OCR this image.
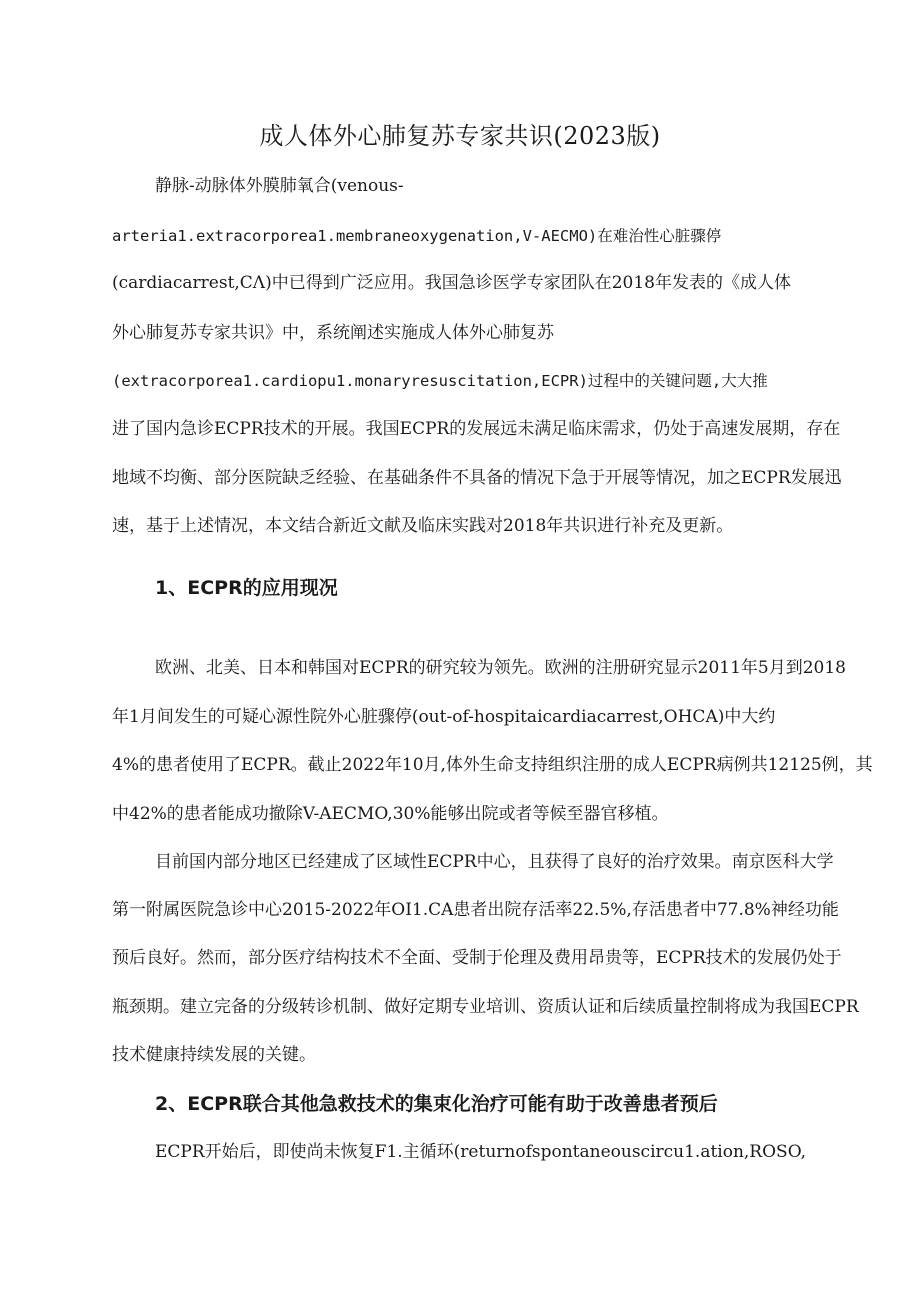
成人体外心肺复苏专家共识(2023版)
静脉-动脉体外膜肺氧合(venous-
arteria1.extracorporea1.membraneoxygenation,V-AECMO)在难治性心脏骤停
(cardiacarrest,CΛ)中已得到广泛应用。我国急诊医学专家团队在2018年发表的《成人体
外心肺复苏专家共识》中，系统阐述实施成人体外心肺复苏
(extracorporea1.cardiopu1.monaryresuscitation,ECPR)过程中的关键问题,大大推
进了国内急诊ECPR技术的开展。我国ECPR的发展远未满足临床需求，仍处于高速发展期，存在
地域不均衡、部分医院缺乏经验、在基础条件不具备的情况下急于开展等情况，加之ECPR发展迅
速，基于上述情况，本文结合新近文献及临床实践对2018年共识进行补充及更新。
1、ECPR的应用现况
欧洲、北美、日本和韩国对ECPR的研究较为领先。欧洲的注册研究显示2011年5月到2018
年1月间发生的可疑心源性院外心脏骤停(out-of-hospitaicardiacarrest,OHCA)中大约
4%的患者使用了ECPR。截止2022年10月,体外生命支持组织注册的成人ECPR病例共12125例，其
中42%的患者能成功撤除V-AECMO,30%能够出院或者等候至器官移植。
目前国内部分地区已经建成了区域性ECPR中心，且获得了良好的治疗效果。南京医科大学
第一附属医院急诊中心2015-2022年OI1.CA患者出院存活率22.5%,存活患者中77.8%神经功能
预后良好。然而，部分医疗结构技术不全面、受制于伦理及费用昂贵等，ECPR技术的发展仍处于
瓶颈期。建立完备的分级转诊机制、做好定期专业培训、资质认证和后续质量控制将成为我国ECPR
技术健康持续发展的关键。
2、ECPR联合其他急救技术的集束化治疗可能有助于改善患者预后
ECPR开始后，即使尚未恢复F1.主循环(returnofspontaneouscircu1.ation,ROSO,
